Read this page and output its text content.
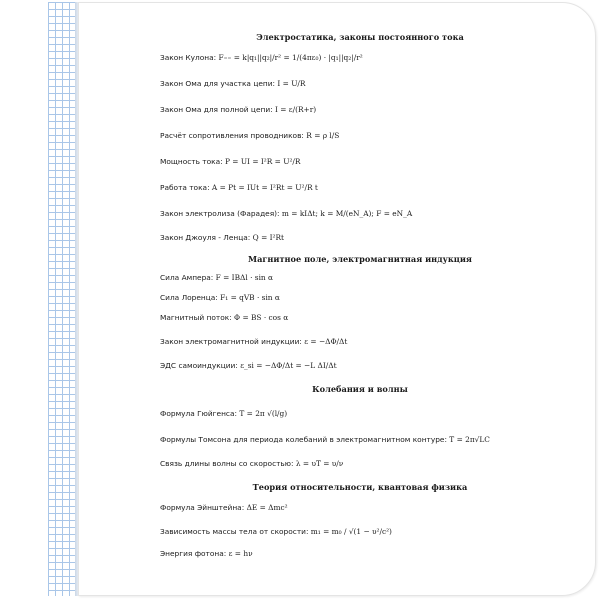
Электростатика, законы постоянного тока
Закон Кулона: F₌₌ = k|q₁||q₂|/r² = 1/(4πε₀) · |q₁||q₂|/r²
Закон Ома для участка цепи: I = U/R
Закон Ома для полной цепи: I = ε/(R+r)
Расчёт сопротивления проводников: R = ρ l/S
Мощность тока: P = UI = I²R = U²/R
Работа тока: A = Pt = IUt = I²Rt = U²/R t
Закон электролиза (Фарадея): m = kIΔt; k = M/(eN_A); F = eN_A
Закон Джоуля - Ленца: Q = I²Rt
Магнитное поле, электромагнитная индукция
Сила Ампера: F = IBΔl · sin α
Сила Лоренца: F₁ = qVB · sin α
Магнитный поток: Φ = BS · cos α
Закон электромагнитной индукции: ε = −ΔΦ/Δt
ЭДС самоиндукции: ε_si = −ΔΦ/Δt = −L ΔI/Δt
Колебания и волны
Формула Гюйгенса: T = 2π √(l/g)
Формулы Томсона для периода колебаний в электромагнитном контуре: T = 2π√LC
Связь длины волны со скоростью: λ = υT = υ/ν
Теория относительности, квантовая физика
Формула Эйнштейна: ΔE = Δmc²
Зависимость массы тела от скорости: m₁ = m₀ / √(1 − υ²/c²)
Энергия фотона: ε = hν
